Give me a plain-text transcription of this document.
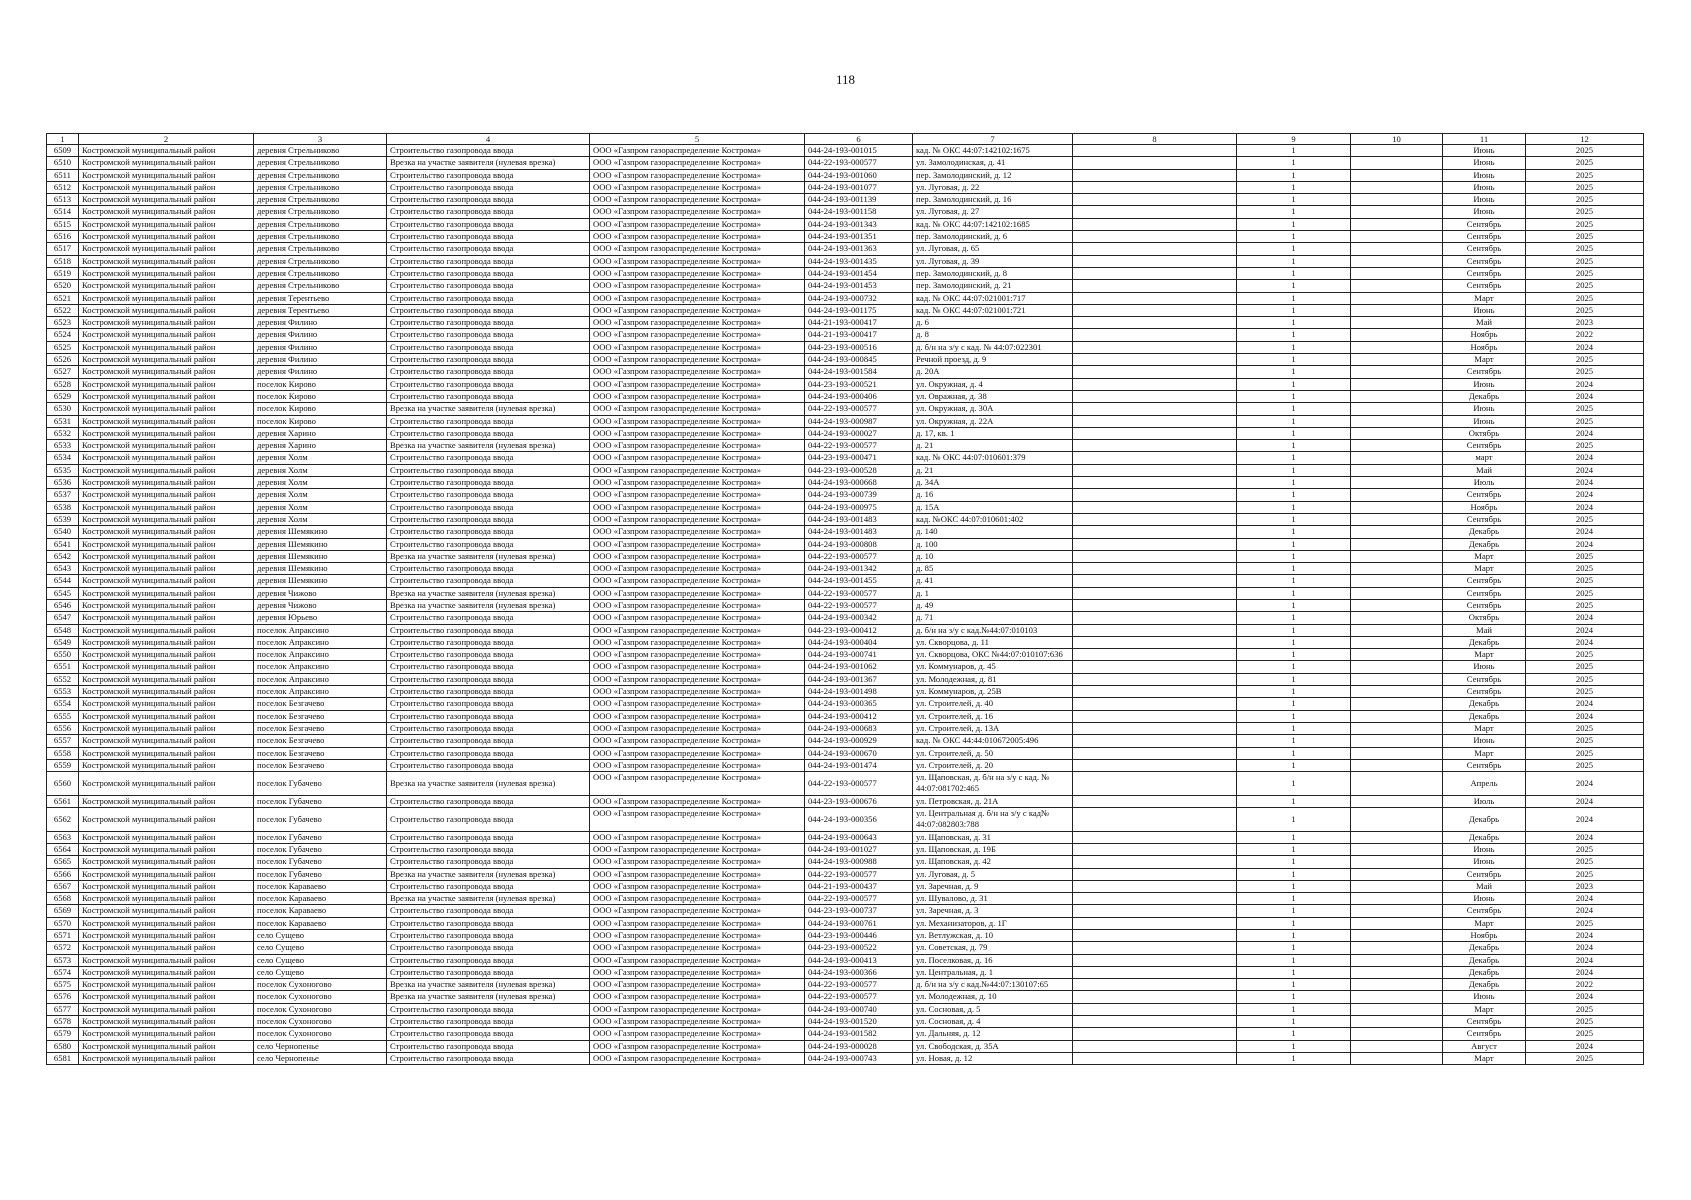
118
1	2	3	4	5	6	7	8	9	10	11	12
6509	Костромской муниципальный район	деревня Стрельниково	Строительство газопровода ввода	ООО «Газпром газораспределение Кострома»	044-24-193-001015	кад. № ОКС 44:07:142102:1675		1		Июнь	2025
6510	Костромской муниципальный район	деревня Стрельниково	Врезка на участке заявителя (нулевая врезка)	ООО «Газпром газораспределение Кострома»	044-22-193-000577	ул. Замолодинская, д. 41		1		Июнь	2025
6511	Костромской муниципальный район	деревня Стрельниково	Строительство газопровода ввода	ООО «Газпром газораспределение Кострома»	044-24-193-001060	пер. Замолодинский, д. 12		1		Июнь	2025
6512	Костромской муниципальный район	деревня Стрельниково	Строительство газопровода ввода	ООО «Газпром газораспределение Кострома»	044-24-193-001077	ул. Луговая, д. 22		1		Июнь	2025
6513	Костромской муниципальный район	деревня Стрельниково	Строительство газопровода ввода	ООО «Газпром газораспределение Кострома»	044-24-193-001139	пер. Замолодинский, д. 16		1		Июнь	2025
6514	Костромской муниципальный район	деревня Стрельниково	Строительство газопровода ввода	ООО «Газпром газораспределение Кострома»	044-24-193-001158	ул. Луговая, д. 27		1		Июнь	2025
6515	Костромской муниципальный район	деревня Стрельниково	Строительство газопровода ввода	ООО «Газпром газораспределение Кострома»	044-24-193-001343	кад. № ОКС 44:07:142102:1685		1		Сентябрь	2025
6516	Костромской муниципальный район	деревня Стрельниково	Строительство газопровода ввода	ООО «Газпром газораспределение Кострома»	044-24-193-001351	пер. Замолодинский, д. 6		1		Сентябрь	2025
6517	Костромской муниципальный район	деревня Стрельниково	Строительство газопровода ввода	ООО «Газпром газораспределение Кострома»	044-24-193-001363	ул. Луговая, д. 65		1		Сентябрь	2025
6518	Костромской муниципальный район	деревня Стрельниково	Строительство газопровода ввода	ООО «Газпром газораспределение Кострома»	044-24-193-001435	ул. Луговая, д. 39		1		Сентябрь	2025
6519	Костромской муниципальный район	деревня Стрельниково	Строительство газопровода ввода	ООО «Газпром газораспределение Кострома»	044-24-193-001454	пер. Замолодинский, д. 8		1		Сентябрь	2025
6520	Костромской муниципальный район	деревня Стрельниково	Строительство газопровода ввода	ООО «Газпром газораспределение Кострома»	044-24-193-001453	пер. Замолодинский, д. 21		1		Сентябрь	2025
6521	Костромской муниципальный район	деревня Терентьево	Строительство газопровода ввода	ООО «Газпром газораспределение Кострома»	044-24-193-000732	кад. № ОКС 44:07:021001:717		1		Март	2025
6522	Костромской муниципальный район	деревня Терентьево	Строительство газопровода ввода	ООО «Газпром газораспределение Кострома»	044-24-193-001175	кад. № ОКС 44:07:021001:721		1		Июнь	2025
6523	Костромской муниципальный район	деревня Филино	Строительство газопровода ввода	ООО «Газпром газораспределение Кострома»	044-21-193-000417	д. 6		1		Май	2023
6524	Костромской муниципальный район	деревня Филино	Строительство газопровода ввода	ООО «Газпром газораспределение Кострома»	044-21-193-000417	д. 8		1		Ноябрь	2022
6525	Костромской муниципальный район	деревня Филино	Строительство газопровода ввода	ООО «Газпром газораспределение Кострома»	044-23-193-000516	д. б/н на з/у с кад. № 44:07:022301		1		Ноябрь	2024
6526	Костромской муниципальный район	деревня Филино	Строительство газопровода ввода	ООО «Газпром газораспределение Кострома»	044-24-193-000845	Речной проезд, д. 9		1		Март	2025
6527	Костромской муниципальный район	деревня Филино	Строительство газопровода ввода	ООО «Газпром газораспределение Кострома»	044-24-193-001584	д. 20А		1		Сентябрь	2025
6528	Костромской муниципальный район	поселок Кирово	Строительство газопровода ввода	ООО «Газпром газораспределение Кострома»	044-23-193-000521	ул. Окружная, д. 4		1		Июнь	2024
6529	Костромской муниципальный район	поселок Кирово	Строительство газопровода ввода	ООО «Газпром газораспределение Кострома»	044-24-193-000406	ул. Овражная, д. 38		1		Декабрь	2024
6530	Костромской муниципальный район	поселок Кирово	Врезка на участке заявителя (нулевая врезка)	ООО «Газпром газораспределение Кострома»	044-22-193-000577	ул. Окружная, д. 30А		1		Июнь	2025
6531	Костромской муниципальный район	поселок Кирово	Строительство газопровода ввода	ООО «Газпром газораспределение Кострома»	044-24-193-000987	ул. Окружная, д. 22А		1		Июнь	2025
6532	Костромской муниципальный район	деревня Харино	Строительство газопровода ввода	ООО «Газпром газораспределение Кострома»	044-24-193-000027	д. 17, кв. 1		1		Октябрь	2024
6533	Костромской муниципальный район	деревня Харино	Врезка на участке заявителя (нулевая врезка)	ООО «Газпром газораспределение Кострома»	044-22-193-000577	д. 21		1		Сентябрь	2025
6534	Костромской муниципальный район	деревня Холм	Строительство газопровода ввода	ООО «Газпром газораспределение Кострома»	044-23-193-000471	кад. № ОКС 44:07:010601:379		1		март	2024
6535	Костромской муниципальный район	деревня Холм	Строительство газопровода ввода	ООО «Газпром газораспределение Кострома»	044-23-193-000528	д. 21		1		Май	2024
6536	Костромской муниципальный район	деревня Холм	Строительство газопровода ввода	ООО «Газпром газораспределение Кострома»	044-24-193-000668	д. 34А		1		Июль	2024
6537	Костромской муниципальный район	деревня Холм	Строительство газопровода ввода	ООО «Газпром газораспределение Кострома»	044-24-193-000739	д. 16		1		Сентябрь	2024
6538	Костромской муниципальный район	деревня Холм	Строительство газопровода ввода	ООО «Газпром газораспределение Кострома»	044-24-193-000975	д. 15А		1		Ноябрь	2024
6539	Костромской муниципальный район	деревня Холм	Строительство газопровода ввода	ООО «Газпром газораспределение Кострома»	044-24-193-001483	кад. №ОКС 44:07:010601:402		1		Сентябрь	2025
6540	Костромской муниципальный район	деревня Шемякино	Строительство газопровода ввода	ООО «Газпром газораспределение Кострома»	044-24-193-001483	д. 140		1		Декабрь	2024
6541	Костромской муниципальный район	деревня Шемякино	Строительство газопровода ввода	ООО «Газпром газораспределение Кострома»	044-24-193-000808	д. 100		1		Декабрь	2024
6542	Костромской муниципальный район	деревня Шемякино	Врезка на участке заявителя (нулевая врезка)	ООО «Газпром газораспределение Кострома»	044-22-193-000577	д. 10		1		Март	2025
6543	Костромской муниципальный район	деревня Шемякино	Строительство газопровода ввода	ООО «Газпром газораспределение Кострома»	044-24-193-001342	д. 85		1		Март	2025
6544	Костромской муниципальный район	деревня Шемякино	Строительство газопровода ввода	ООО «Газпром газораспределение Кострома»	044-24-193-001455	д. 41		1		Сентябрь	2025
6545	Костромской муниципальный район	деревня Чижово	Врезка на участке заявителя (нулевая врезка)	ООО «Газпром газораспределение Кострома»	044-22-193-000577	д. 1		1		Сентябрь	2025
6546	Костромской муниципальный район	деревня Чижово	Врезка на участке заявителя (нулевая врезка)	ООО «Газпром газораспределение Кострома»	044-22-193-000577	д. 49		1		Сентябрь	2025
6547	Костромской муниципальный район	деревня Юрьево	Строительство газопровода ввода	ООО «Газпром газораспределение Кострома»	044-24-193-000342	д. 71		1		Октябрь	2024
6548	Костромской муниципальный район	поселок Апраксино	Строительство газопровода ввода	ООО «Газпром газораспределение Кострома»	044-23-193-000412	д. б/н на з/у с кад.№44:07:010103		1		Май	2024
6549	Костромской муниципальный район	поселок Апраксино	Строительство газопровода ввода	ООО «Газпром газораспределение Кострома»	044-24-193-000404	ул. Скворцова, д. 11		1		Декабрь	2024
6550	Костромской муниципальный район	поселок Апраксино	Строительство газопровода ввода	ООО «Газпром газораспределение Кострома»	044-24-193-000741	ул. Скворцова, ОКС №44:07:010107:636		1		Март	2025
6551	Костромской муниципальный район	поселок Апраксино	Строительство газопровода ввода	ООО «Газпром газораспределение Кострома»	044-24-193-001062	ул. Коммунаров, д. 45		1		Июнь	2025
6552	Костромской муниципальный район	поселок Апраксино	Строительство газопровода ввода	ООО «Газпром газораспределение Кострома»	044-24-193-001367	ул. Молодежная, д. 81		1		Сентябрь	2025
6553	Костромской муниципальный район	поселок Апраксино	Строительство газопровода ввода	ООО «Газпром газораспределение Кострома»	044-24-193-001498	ул. Коммунаров, д. 25В		1		Сентябрь	2025
6554	Костромской муниципальный район	поселок Безгачево	Строительство газопровода ввода	ООО «Газпром газораспределение Кострома»	044-24-193-000365	ул. Строителей, д. 40		1		Декабрь	2024
6555	Костромской муниципальный район	поселок Безгачево	Строительство газопровода ввода	ООО «Газпром газораспределение Кострома»	044-24-193-000412	ул. Строителей, д. 16		1		Декабрь	2024
6556	Костромской муниципальный район	поселок Безгачево	Строительство газопровода ввода	ООО «Газпром газораспределение Кострома»	044-24-193-000683	ул. Строителей, д. 13А		1		Март	2025
6557	Костромской муниципальный район	поселок Безгачево	Строительство газопровода ввода	ООО «Газпром газораспределение Кострома»	044-24-193-000929	кад. № ОКС 44:44:010672005:496		1		Июнь	2025
6558	Костромской муниципальный район	поселок Безгачево	Строительство газопровода ввода	ООО «Газпром газораспределение Кострома»	044-24-193-000670	ул. Строителей, д. 50		1		Март	2025
6559	Костромской муниципальный район	поселок Безгачево	Строительство газопровода ввода	ООО «Газпром газораспределение Кострома»	044-24-193-001474	ул. Строителей, д. 20		1		Сентябрь	2025
6560	Костромской муниципальный район	поселок Губачево	Врезка на участке заявителя (нулевая врезка)	ООО «Газпром газораспределение Кострома»	044-22-193-000577	ул. Щаповская, д. б/н на з/у с кад. № 44:07:081702:465		1		Апрель	2024
6561	Костромской муниципальный район	поселок Губачево	Строительство газопровода ввода	ООО «Газпром газораспределение Кострома»	044-23-193-000676	ул. Петровская, д. 21А		1		Июль	2024
6562	Костромской муниципальный район	поселок Губачево	Строительство газопровода ввода	ООО «Газпром газораспределение Кострома»	044-24-193-000356	ул. Центральная д. б/н на з/у с кад№ 44:07:082803:788		1		Декабрь	2024
6563	Костромской муниципальный район	поселок Губачево	Строительство газопровода ввода	ООО «Газпром газораспределение Кострома»	044-24-193-000643	ул. Щаповская, д. 31		1		Декабрь	2024
6564	Костромской муниципальный район	поселок Губачево	Строительство газопровода ввода	ООО «Газпром газораспределение Кострома»	044-24-193-001027	ул. Щаповская, д. 19Б		1		Июнь	2025
6565	Костромской муниципальный район	поселок Губачево	Строительство газопровода ввода	ООО «Газпром газораспределение Кострома»	044-24-193-000988	ул. Щаповская, д. 42		1		Июнь	2025
6566	Костромской муниципальный район	поселок Губачево	Врезка на участке заявителя (нулевая врезка)	ООО «Газпром газораспределение Кострома»	044-22-193-000577	ул. Луговая, д. 5		1		Сентябрь	2025
6567	Костромской муниципальный район	поселок Караваево	Строительство газопровода ввода	ООО «Газпром газораспределение Кострома»	044-21-193-000437	ул. Заречная, д. 9		1		Май	2023
6568	Костромской муниципальный район	поселок Караваево	Врезка на участке заявителя (нулевая врезка)	ООО «Газпром газораспределение Кострома»	044-22-193-000577	ул. Шувалово, д. 31		1		Июнь	2024
6569	Костромской муниципальный район	поселок Караваево	Строительство газопровода ввода	ООО «Газпром газораспределение Кострома»	044-23-193-000737	ул. Заречная, д. 3		1		Сентябрь	2024
6570	Костромской муниципальный район	поселок Караваево	Строительство газопровода ввода	ООО «Газпром газораспределение Кострома»	044-24-193-000761	ул. Механизаторов, д. 1Г		1		Март	2025
6571	Костромской муниципальный район	село Сущево	Строительство газопровода ввода	ООО «Газпром газораспределение Кострома»	044-23-193-000446	ул. Ветлужская, д. 10		1		Ноябрь	2024
6572	Костромской муниципальный район	село Сущево	Строительство газопровода ввода	ООО «Газпром газораспределение Кострома»	044-23-193-000522	ул. Советская, д. 79		1		Декабрь	2024
6573	Костромской муниципальный район	село Сущево	Строительство газопровода ввода	ООО «Газпром газораспределение Кострома»	044-24-193-000413	ул. Поселковая, д. 16		1		Декабрь	2024
6574	Костромской муниципальный район	село Сущево	Строительство газопровода ввода	ООО «Газпром газораспределение Кострома»	044-24-193-000366	ул. Центральная, д. 1		1		Декабрь	2024
6575	Костромской муниципальный район	поселок Сухоногово	Врезка на участке заявителя (нулевая врезка)	ООО «Газпром газораспределение Кострома»	044-22-193-000577	д. б/н на з/у с кад.№44:07:130107:65		1		Декабрь	2022
6576	Костромской муниципальный район	поселок Сухоногово	Врезка на участке заявителя (нулевая врезка)	ООО «Газпром газораспределение Кострома»	044-22-193-000577	ул. Молодежная, д. 10		1		Июнь	2024
6577	Костромской муниципальный район	поселок Сухоногово	Строительство газопровода ввода	ООО «Газпром газораспределение Кострома»	044-24-193-000740	ул. Сосновая, д. 5		1		Март	2025
6578	Костромской муниципальный район	поселок Сухоногово	Строительство газопровода ввода	ООО «Газпром газораспределение Кострома»	044-24-193-001520	ул. Сосновая, д. 4		1		Сентябрь	2025
6579	Костромской муниципальный район	поселок Сухоногово	Строительство газопровода ввода	ООО «Газпром газораспределение Кострома»	044-24-193-001582	ул. Дальняя, д. 12		1		Сентябрь	2025
6580	Костромской муниципальный район	село Чернопенье	Строительство газопровода ввода	ООО «Газпром газораспределение Кострома»	044-24-193-000028	ул. Свободская, д. 35А		1		Август	2024
6581	Костромской муниципальный район	село Чернопенье	Строительство газопровода ввода	ООО «Газпром газораспределение Кострома»	044-24-193-000743	ул. Новая, д. 12		1		Март	2025
